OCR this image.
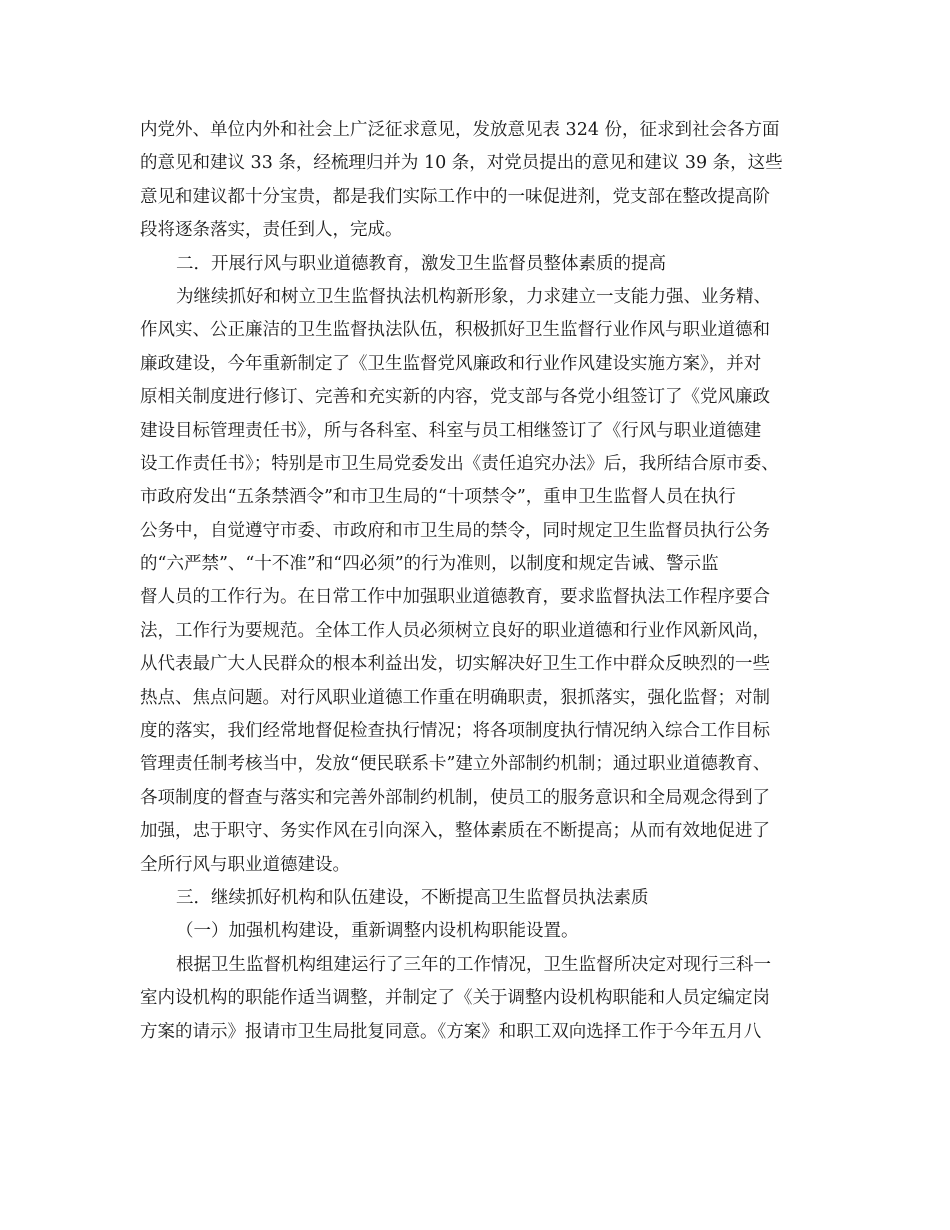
内党外、单位内外和社会上广泛征求意见，发放意见表 324 份，征求到社会各方面
的意见和建议 33 条，经梳理归并为 10 条，对党员提出的意见和建议 39 条，这些
意见和建议都十分宝贵，都是我们实际工作中的一味促进剂，党支部在整改提高阶
段将逐条落实，责任到人，完成。
二．开展行风与职业道德教育，激发卫生监督员整体素质的提高
为继续抓好和树立卫生监督执法机构新形象，力求建立一支能力强、业务精、
作风实、公正廉洁的卫生监督执法队伍，积极抓好卫生监督行业作风与职业道德和
廉政建设，今年重新制定了《卫生监督党风廉政和行业作风建设实施方案》，并对
原相关制度进行修订、完善和充实新的内容，党支部与各党小组签订了《党风廉政
建设目标管理责任书》，所与各科室、科室与员工相继签订了《行风与职业道德建
设工作责任书》；特别是市卫生局党委发出《责任追究办法》后，我所结合原市委、
市政府发出“五条禁酒令”和市卫生局的“十项禁令”，重申卫生监督人员在执行
公务中，自觉遵守市委、市政府和市卫生局的禁令，同时规定卫生监督员执行公务
的“六严禁”、“十不准”和“四必须”的行为准则，以制度和规定告诫、警示监
督人员的工作行为。在日常工作中加强职业道德教育，要求监督执法工作程序要合
法，工作行为要规范。全体工作人员必须树立良好的职业道德和行业作风新风尚，
从代表最广大人民群众的根本利益出发，切实解决好卫生工作中群众反映烈的一些
热点、焦点问题。对行风职业道德工作重在明确职责，狠抓落实，强化监督；对制
度的落实，我们经常地督促检查执行情况；将各项制度执行情况纳入综合工作目标
管理责任制考核当中，发放“便民联系卡”建立外部制约机制；通过职业道德教育、
各项制度的督查与落实和完善外部制约机制，使员工的服务意识和全局观念得到了
加强，忠于职守、务实作风在引向深入，整体素质在不断提高；从而有效地促进了
全所行风与职业道德建设。
三．继续抓好机构和队伍建设，不断提高卫生监督员执法素质
（一）加强机构建设，重新调整内设机构职能设置。
根据卫生监督机构组建运行了三年的工作情况，卫生监督所决定对现行三科一
室内设机构的职能作适当调整，并制定了《关于调整内设机构职能和人员定编定岗
方案的请示》报请市卫生局批复同意。《方案》和职工双向选择工作于今年五月八
